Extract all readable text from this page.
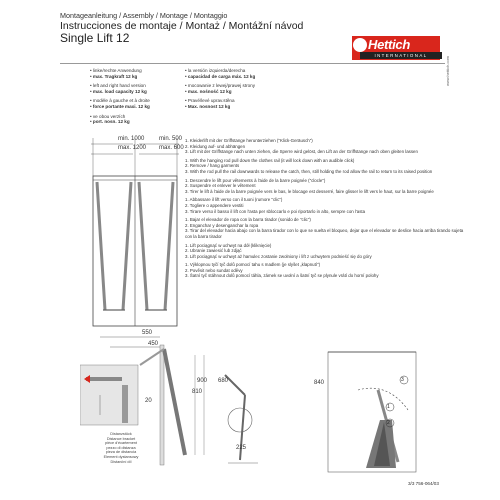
Montageanleitung / Assembly / Montage / Montaggio
Instrucciones de montaje / Montaż / Montážní návod
Single Lift 12	Hettich
INTERNATIONAL
www.hettich.com
• linke/rechte Anwendung
• max. Tragkraft 12 kg
• left and right hand version
• max. load capacity 12 kg
• modèle à gauche et à droite
• force portante maxi. 12 kg
• ve obou verzích
• port. nosn. 12 kg
• la versión izquierda/derecha
• capacidad de carga máx. 12 kg
• mocowanie z lewej/prawej strony
• max. nośność 12 kg
• Pravé/levé uprav.stěna
• Max. nosnost 12 kg
min. 1000
max. 1200
min. 500
max. 600
1. Kleiderlift mit der Griffstange herunterziehen ("Klick-Geräusch")
2. Kleidung auf- und abhängen
3. Lift mit der Griffstange nach unten ziehen, die Sperre wird gelöst, den Lift an der Griffstange nach oben gleiten lassen
1. With the hanging rod pull down the clothes rail (it will lock down with an audible click)
2. Remove / hang garments
3. With the rod pull the rail downwards to release the catch, then, still holding the rod allow the rail to return to its raised position
1. Descendre le lift pour vêtements à l'aide de la barre poignée ("clocle")
2. Suspendre et enlever le vêtement
3. Tirer le lift à l'aide de la barre poignée vers le bas, le blocage est desserré, faire glisser le lift vers le haut, sur la barre poignée
1. Abbassare il lift verso con il tuoni (rumore "clic")
2. Togliere o appendere vestiti
3. Tirare verso il basso il lift con l'asta per sbloccarlo e poi riportarlo in alto, sempre con l'asta
1. Bajar el elevador de ropa con la barra tirador (sonido de "clic")
2. Enganchar y desenganchar la ropa
3. Tirar del elevador hacia abajo con la barra tirador con lo que se suelta el bloqueo, dejar que el elevador se deslice hacia arriba tirando sujeta con la barra tirador
1. Lift pociągnąć w uchwyt na dół (kliknięcie)
2. Ubranie zawiesić lub zdjąć
3. Lift pociągnąć w uchwyt aż hamulec zostanie zwolniony i lift z uchwytem podnieść się do góry
1. Výklopnou tyčí tyč dolů pomocí tahu s madlem (je slyšet „klapnutí")
2. Pověsit nebo sundat oděvy
3. Šatní tyč stáhnout dolů pomocí táhla, zámek se uvolní a šatní tyč se plynule vrátí do horní polohy
550
450
900
810
680
20
225
Distanzstück
Distance bracket
pièce d'écartement
pezzo di distanza
pieza de distancia
Element dystansowy
Distanční díl
840	3
1
2
3/3 756-064/03
